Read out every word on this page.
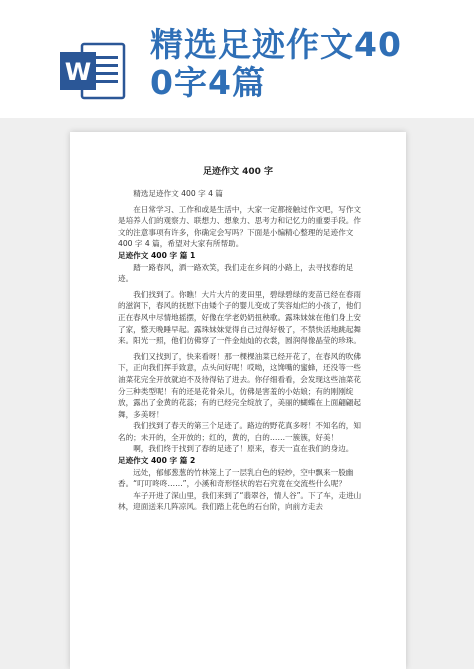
W
精选足迹作文40
0字4篇
足迹作文 400 字

精选足迹作文 400 字 4 篇

在日常学习、工作和或是生活中，大家一定都接触过作文吧，写作文是培养人们的观察力、联想力、想象力、思考力和记忆力的重要手段。作文的注意事项有许多，你确定会写吗？下面是小编精心整理的足迹作文 400 字 4 篇，希望对大家有所帮助。

足迹作文 400 字 篇 1

踏一路春风，洒一路欢笑，我们走在乡间的小路上，去寻找春的足迹。

我们找到了。你瞧！大片大片的麦田里，碧绿碧绿的麦苗已经在春雨的滋润下，春风的抚慰下由矮个子的婴儿变成了笑容灿烂的小孩了，他们正在春风中尽情地摇摆，好像在学老奶奶扭秧歌。露珠妹妹在他们身上安了家，整天晚睡早起。露珠妹妹觉得自己过得好极了，不禁快活地跳起舞来。阳光一照，他们仿佛穿了一件金灿灿的衣裳，圆润得像晶莹的珍珠。

我们又找到了，快来看呀！那一棵棵油菜已经开花了，在春风的吹佛下，正向我们挥手致意，点头问好呢！哎呦，这馋嘴的蜜蜂，还没等一些油菜花完全开放就迫不及待得钻了进去。你仔细看看，会发现这些油菜花分三种类型呢！有的还是花骨朵儿，仿佛是害羞的小姑娘；有的刚刚绽放，露出了金黄的花蕊；有的已经完全绽放了，美丽的蝴蝶在上面翩翩起舞，多美呀！

我们找到了春天的第三个足迹了。路边的野花真多呀！不知名的，知名的；未开的，全开放的；红的，黄的，白的……一簇簇，好美！

啊，我们终于找到了春的足迹了！原来，春天一直在我们的身边。

足迹作文 400 字 篇 2

远处，郁郁葱葱的竹林笼上了一层乳白色的轻纱，空中飘来一股幽香。“叮叮咚咚……”，小溪和奇形怪状的岩石究竟在交流些什么呢？

车子开进了深山里，我们来到了“翡翠谷，情人谷”。下了车，走进山林，迎面送来几阵凉风。我们踏上花色的石台阶，向前方走去
